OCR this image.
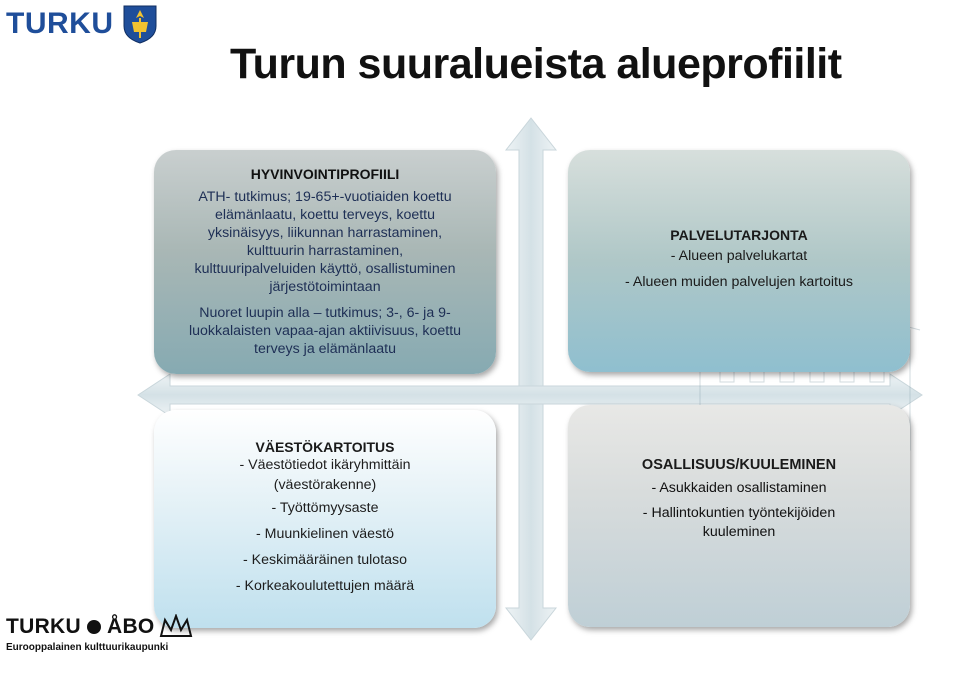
TURKU
Turun suuralueista alueprofiilit
HYVINVOINTIPROFIILI
ATH- tutkimus; 19-65+-vuotiaiden koettu
elämänlaatu, koettu terveys, koettu
yksinäisyys, liikunnan harrastaminen,
kulttuurin harrastaminen,
kulttuuripalveluiden käyttö, osallistuminen
järjestötoimintaan
Nuoret luupin alla – tutkimus; 3-, 6- ja 9-
luokkalaisten vapaa-ajan aktiivisuus, koettu
terveys ja elämänlaatu
PALVELUTARJONTA
- Alueen palvelukartat
- Alueen muiden palvelujen kartoitus
VÄESTÖKARTOITUS
- Väestötiedot ikäryhmittäin
(väestörakenne)
- Työttömyysaste
- Muunkielinen väestö
- Keskimääräinen tulotaso
- Korkeakoulutettujen määrä
OSALLISUUS/KUULEMINEN
- Asukkaiden osallistaminen
- Hallintokuntien työntekijöiden
kuuleminen
TURKU ÅBO
Eurooppalainen kulttuurikaupunki
